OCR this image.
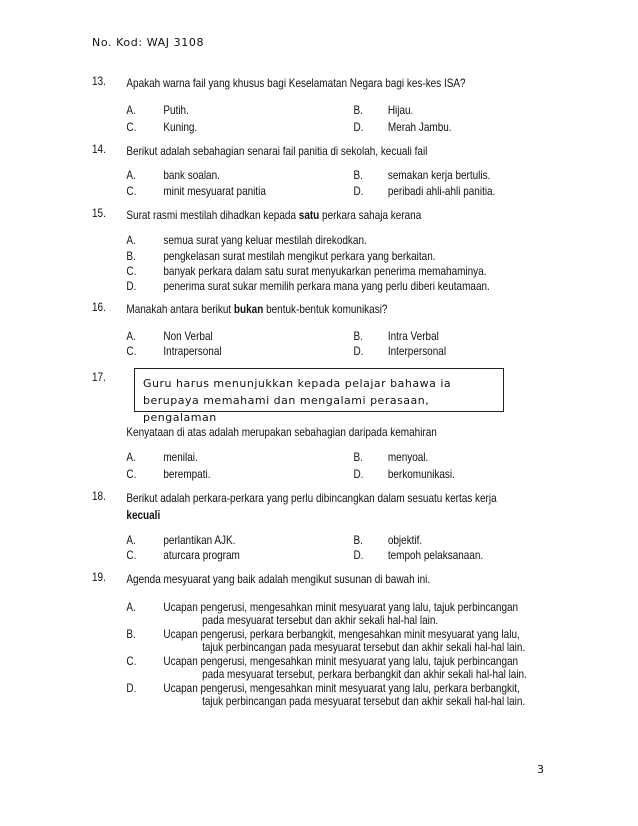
No. Kod: WAJ 3108
13. Apakah warna fail yang khusus bagi Keselamatan Negara bagi kes-kes ISA?
A. Putih.	B. Hijau.
C. Kuning.	D. Merah Jambu.
14. Berikut adalah sebahagian senarai fail panitia di sekolah, kecuali fail
A. bank soalan.	B. semakan kerja bertulis.
C. minit mesyuarat panitia	D. peribadi ahli-ahli panitia.
15. Surat rasmi mestilah dihadkan kepada satu perkara sahaja kerana
A. semua surat yang keluar mestilah direkodkan.
B. pengkelasan surat mestilah mengikut perkara yang berkaitan.
C. banyak perkara dalam satu surat menyukarkan penerima memahaminya.
D. penerima surat sukar memilih perkara mana yang perlu diberi keutamaan.
16. Manakah antara berikut bukan bentuk-bentuk komunikasi?
A. Non Verbal	B. Intra Verbal
C. Intrapersonal	D. Interpersonal
17.	Guru harus menunjukkan kepada pelajar bahawa ia
berupaya memahami dan mengalami perasaan, pengalaman
Kenyataan di atas adalah merupakan sebahagian daripada kemahiran
A. menilai.	B. menyoal.
C. berempati.	D. berkomunikasi.
18. Berikut adalah perkara-perkara yang perlu dibincangkan dalam sesuatu kertas kerja
kecuali
A. perlantikan AJK.	B. objektif.
C. aturcara program	D. tempoh pelaksanaan.
19. Agenda mesyuarat yang baik adalah mengikut susunan di bawah ini.
A. Ucapan pengerusi, mengesahkan minit mesyuarat yang lalu, tajuk perbincangan
pada mesyuarat tersebut dan akhir sekali hal-hal lain.
B. Ucapan pengerusi, perkara berbangkit, mengesahkan minit mesyuarat yang lalu,
tajuk perbincangan pada mesyuarat tersebut dan akhir sekali hal-hal lain.
C. Ucapan pengerusi, mengesahkan minit mesyuarat yang lalu, tajuk perbincangan
pada mesyuarat tersebut, perkara berbangkit dan akhir sekali hal-hal lain.
D. Ucapan pengerusi, mengesahkan minit mesyuarat yang lalu, perkara berbangkit,
tajuk perbincangan pada mesyuarat tersebut dan akhir sekali hal-hal lain.
3
